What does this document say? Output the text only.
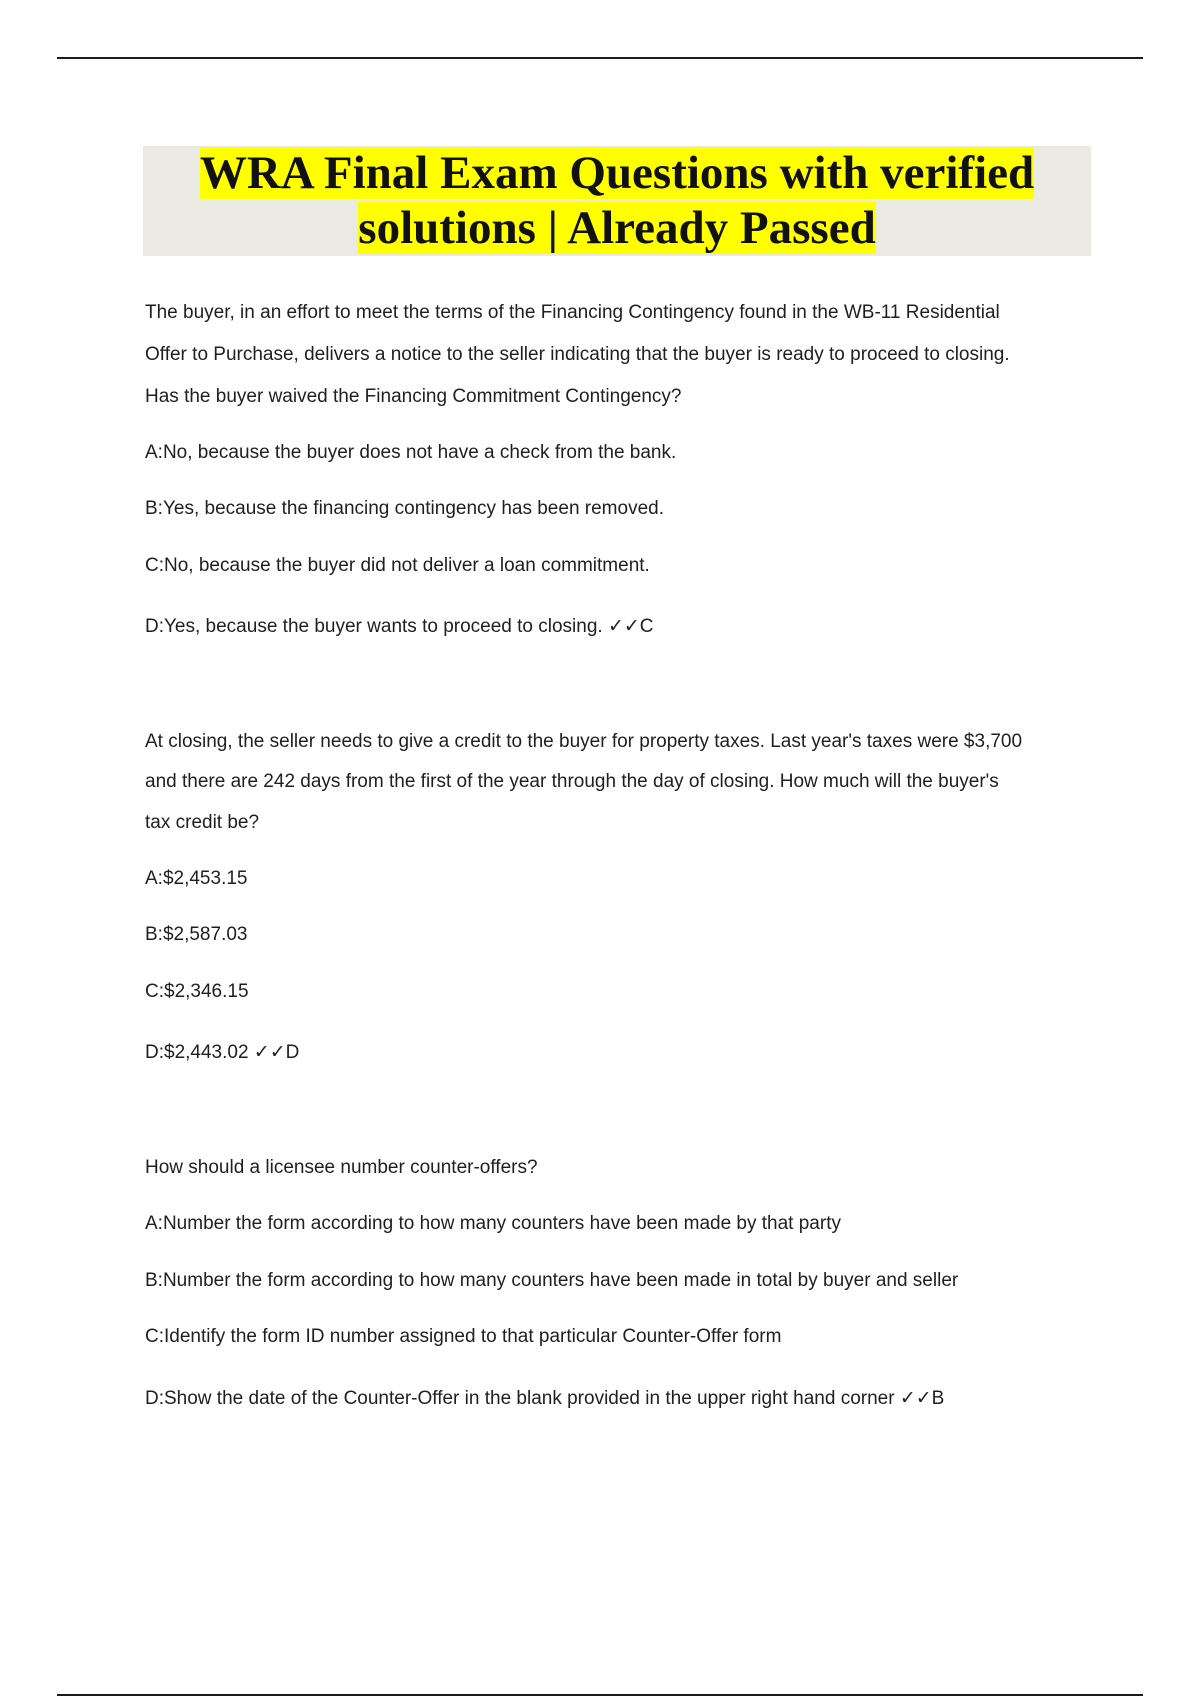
WRA Final Exam Questions with verified
solutions | Already Passed
The buyer, in an effort to meet the terms of the Financing Contingency found in the WB-11 Residential
Offer to Purchase, delivers a notice to the seller indicating that the buyer is ready to proceed to closing.
Has the buyer waived the Financing Commitment Contingency?
A:No, because the buyer does not have a check from the bank.
B:Yes, because the financing contingency has been removed.
C:No, because the buyer did not deliver a loan commitment.
D:Yes, because the buyer wants to proceed to closing. ✓✓C
At closing, the seller needs to give a credit to the buyer for property taxes. Last year's taxes were $3,700
and there are 242 days from the first of the year through the day of closing. How much will the buyer's
tax credit be?
A:$2,453.15
B:$2,587.03
C:$2,346.15
D:$2,443.02 ✓✓D
How should a licensee number counter-offers?
A:Number the form according to how many counters have been made by that party
B:Number the form according to how many counters have been made in total by buyer and seller
C:Identify the form ID number assigned to that particular Counter-Offer form
D:Show the date of the Counter-Offer in the blank provided in the upper right hand corner ✓✓B
